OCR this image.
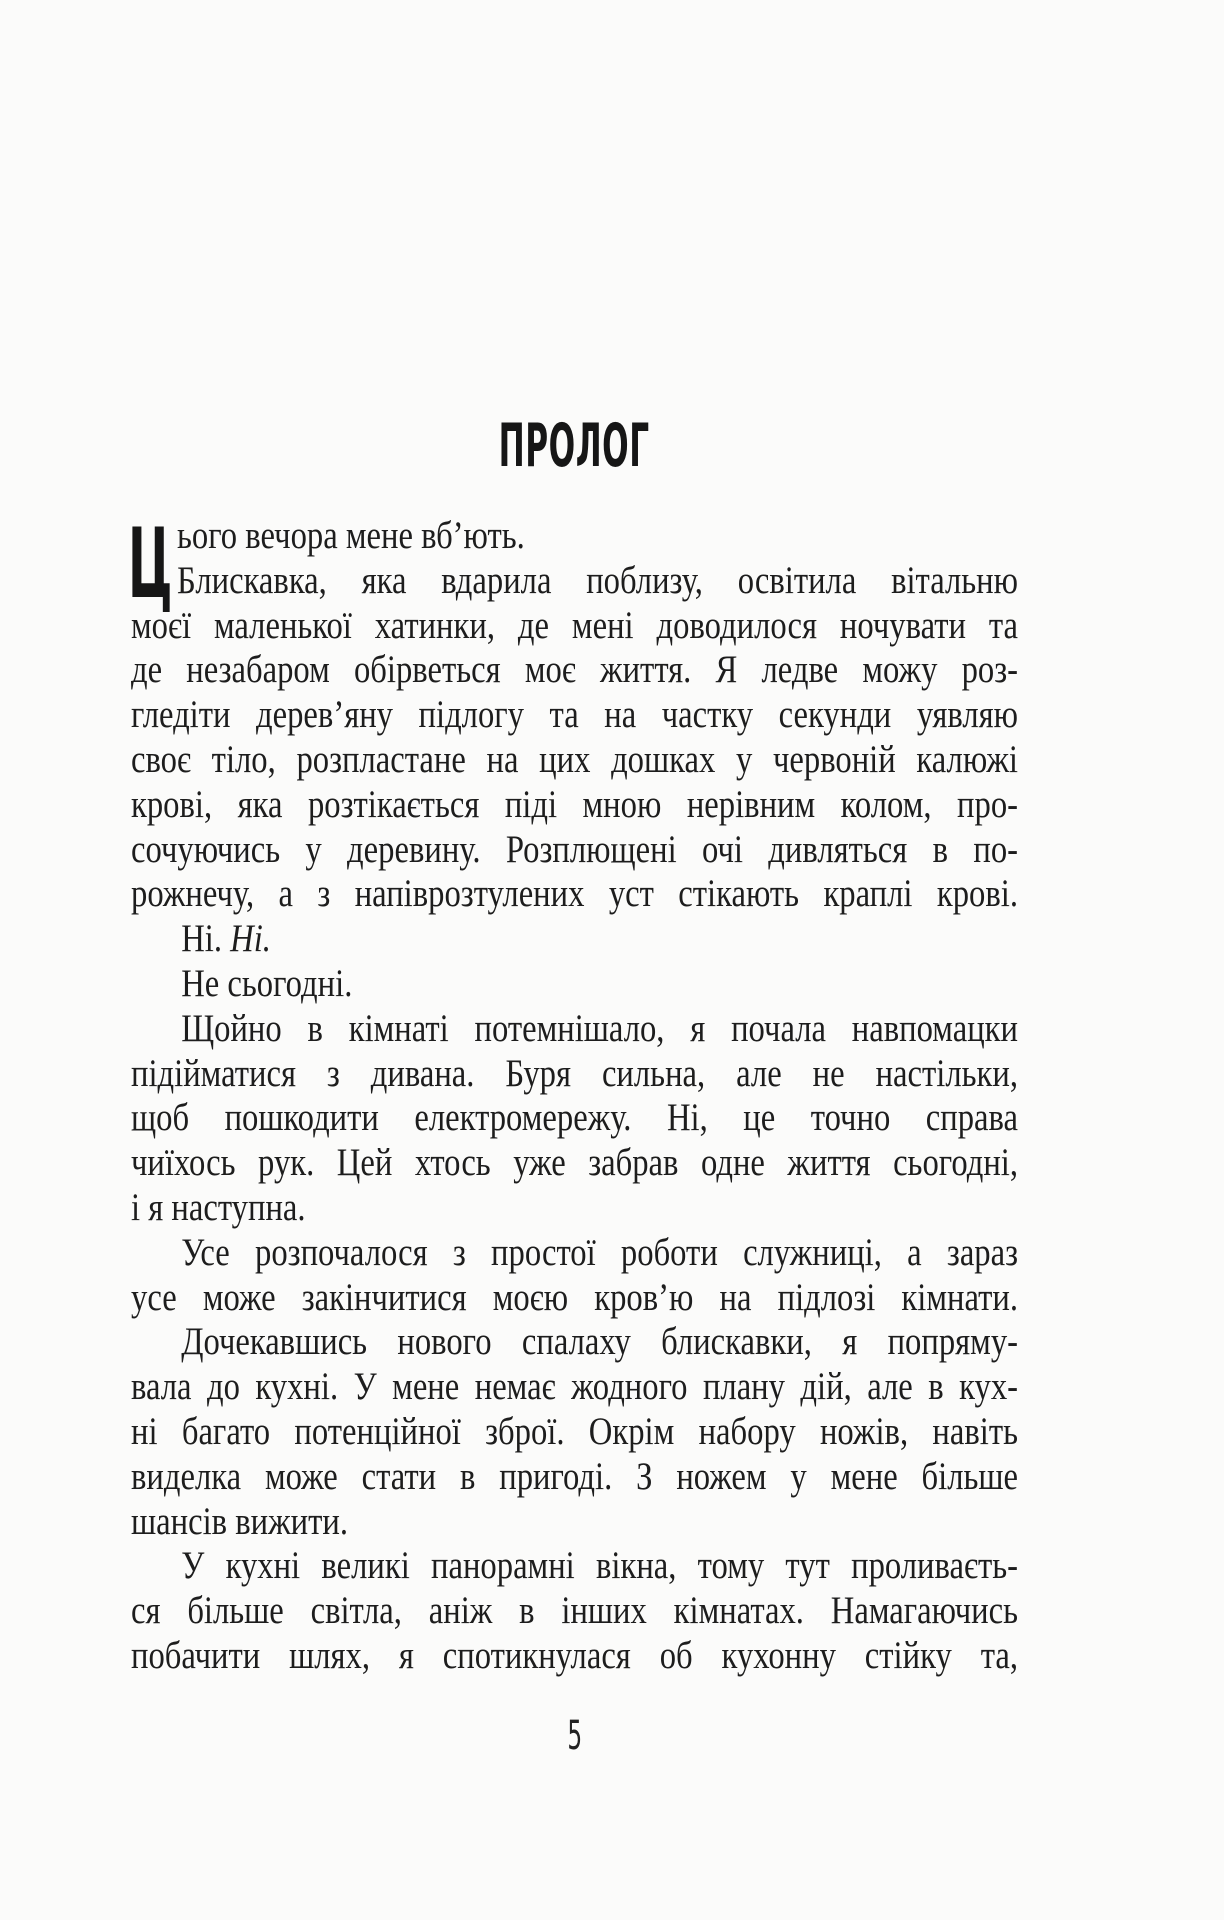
ПРОЛОГ
Ц ього вечора мене вб’ють.
Блискавка, яка вдарила поблизу, освітила вітальню
моєї маленької хатинки, де мені доводилося ночувати та
де незабаром обірветься моє життя. Я ледве можу роз-
гледіти дерев’яну підлогу та на частку секунди уявляю
своє тіло, розпластане на цих дошках у червоній калюжі
крові, яка розтікається піді мною нерівним колом, про-
сочуючись у деревину. Розплющені очі дивляться в по-
рожнечу, а з напіврозтулених уст стікають краплі крові.
Ні. Ні.
Не сьогодні.
Щойно в кімнаті потемнішало, я почала навпомацки
підійматися з дивана. Буря сильна, але не настільки,
щоб пошкодити електромережу. Ні, це точно справа
чиїхось рук. Цей хтось уже забрав одне життя сьогодні,
і я наступна.
Усе розпочалося з простої роботи служниці, а зараз
усе може закінчитися моєю кров’ю на підлозі кімнати.
Дочекавшись нового спалаху блискавки, я попряму-
вала до кухні. У мене немає жодного плану дій, але в кух-
ні багато потенційної зброї. Окрім набору ножів, навіть
виделка може стати в пригоді. З ножем у мене більше
шансів вижити.
У кухні великі панорамні вікна, тому тут проливаєть-
ся більше світла, аніж в інших кімнатах. Намагаючись
побачити шлях, я спотикнулася об кухонну стійку та,
5
